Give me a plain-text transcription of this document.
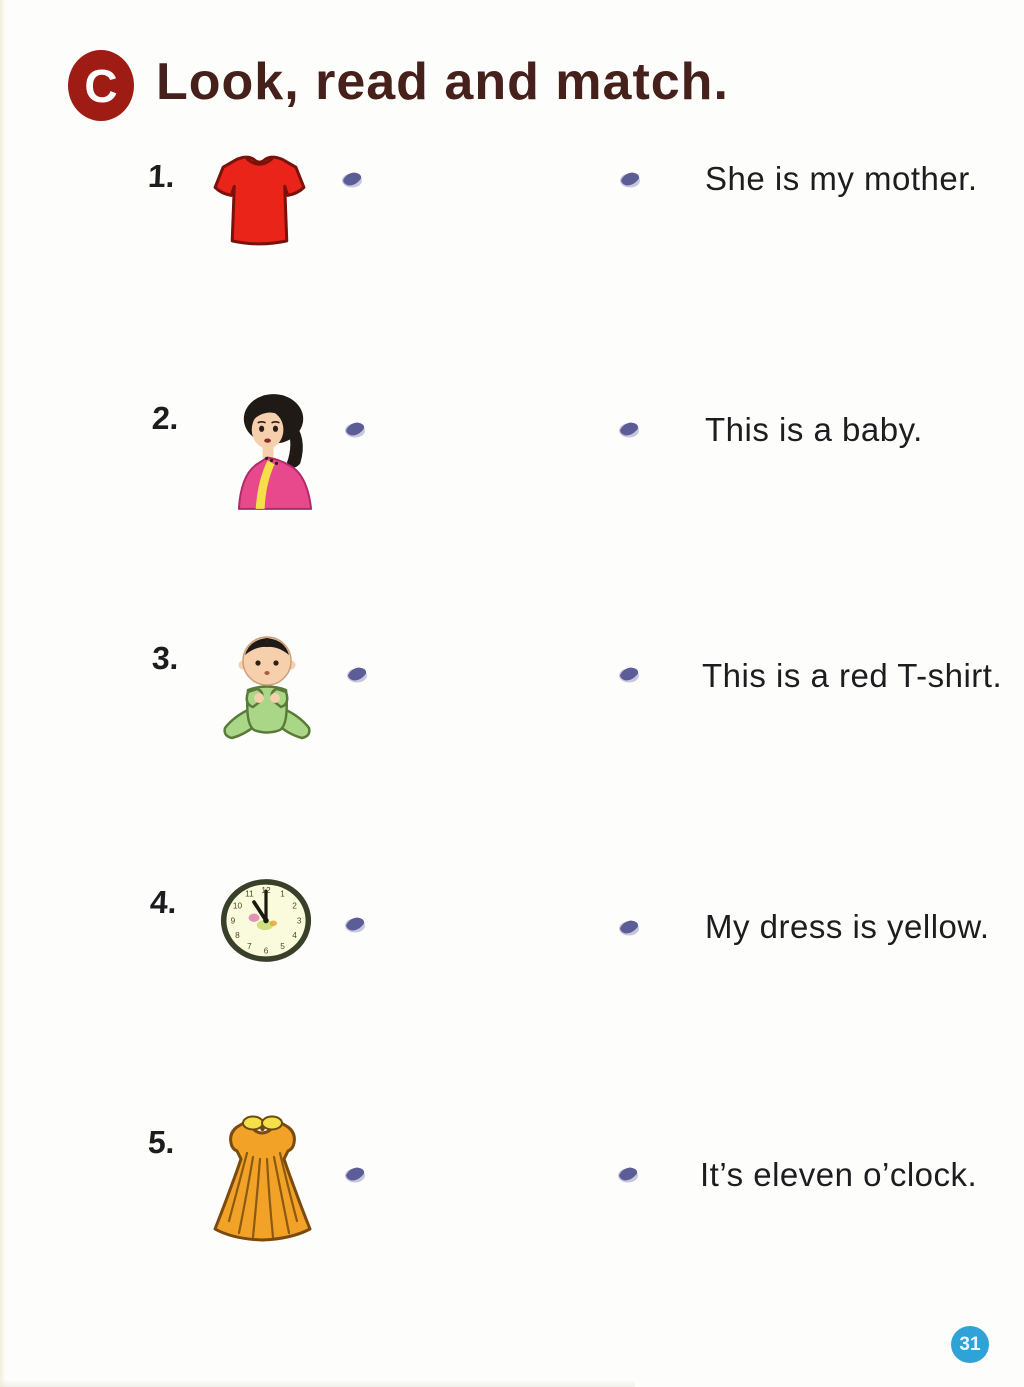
C Look, read and match.
1.	She is my mother.
2.	This is a baby.
3.	This is a red T-shirt.
4.	12 1
2
3
4
5
6
7
8
9
10
11
My dress is yellow.
5.
It’s eleven o’clock.
31
